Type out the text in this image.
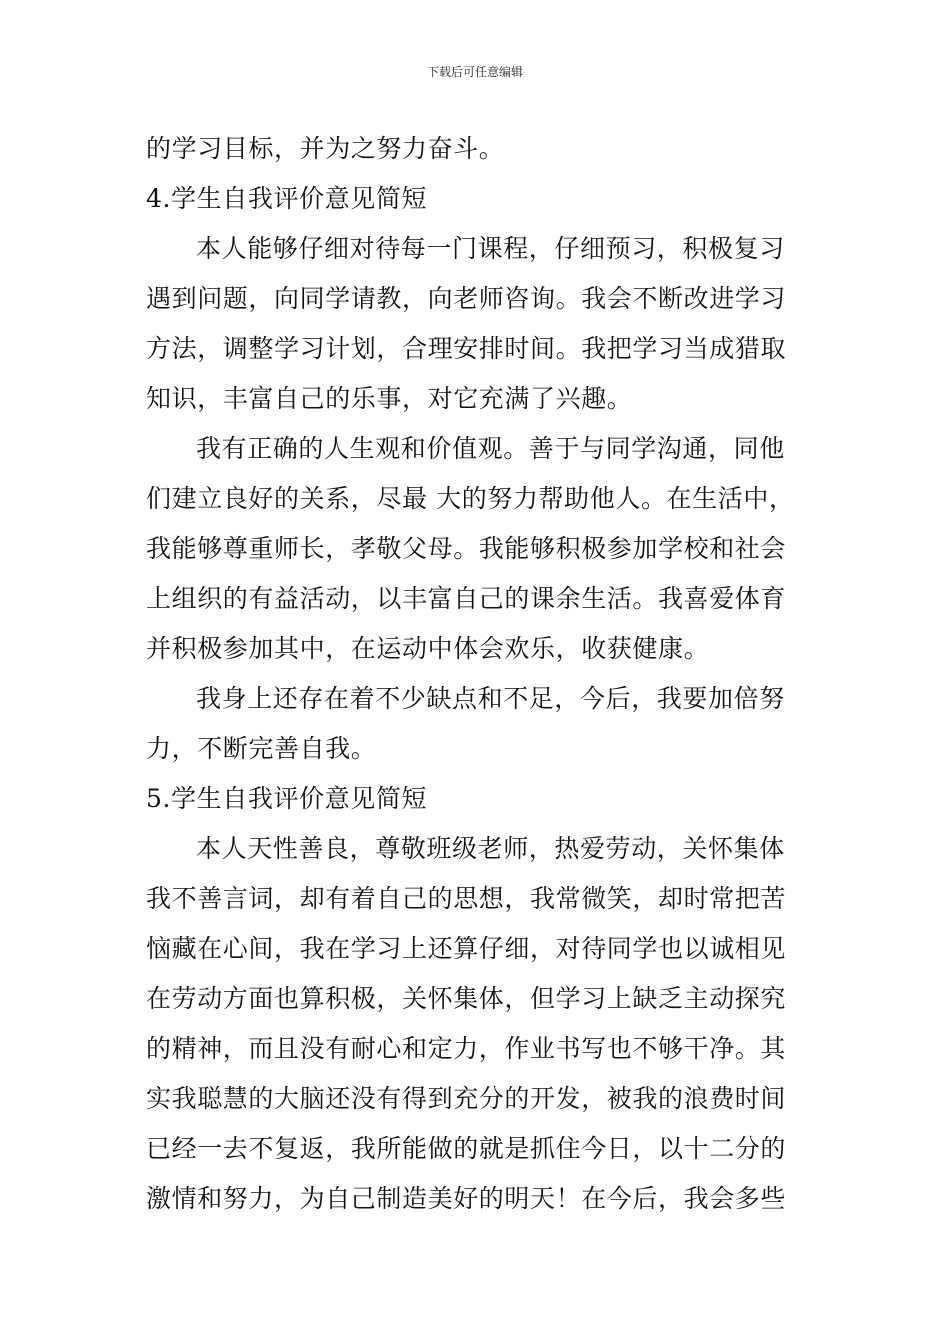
下载后可任意编辑
的学习目标，并为之努力奋斗。
4.学生自我评价意见简短
本人能够仔细对待每一门课程，仔细预习，积极复习
遇到问题，向同学请教，向老师咨询。我会不断改进学习
方法，调整学习计划，合理安排时间。我把学习当成猎取
知识，丰富自己的乐事，对它充满了兴趣。
我有正确的人生观和价值观。善于与同学沟通，同他
们建立良好的关系，尽最 大的努力帮助他人。在生活中，
我能够尊重师长，孝敬父母。我能够积极参加学校和社会
上组织的有益活动，以丰富自己的课余生活。我喜爱体育
并积极参加其中，在运动中体会欢乐，收获健康。
我身上还存在着不少缺点和不足，今后，我要加倍努
力，不断完善自我。
5.学生自我评价意见简短
本人天性善良，尊敬班级老师，热爱劳动，关怀集体
我不善言词，却有着自己的思想，我常微笑，却时常把苦
恼藏在心间，我在学习上还算仔细，对待同学也以诚相见
在劳动方面也算积极，关怀集体，但学习上缺乏主动探究
的精神，而且没有耐心和定力，作业书写也不够干净。其
实我聪慧的大脑还没有得到充分的开发，被我的浪费时间
已经一去不复返，我所能做的就是抓住今日，以十二分的
激情和努力，为自己制造美好的明天！在今后，我会多些
